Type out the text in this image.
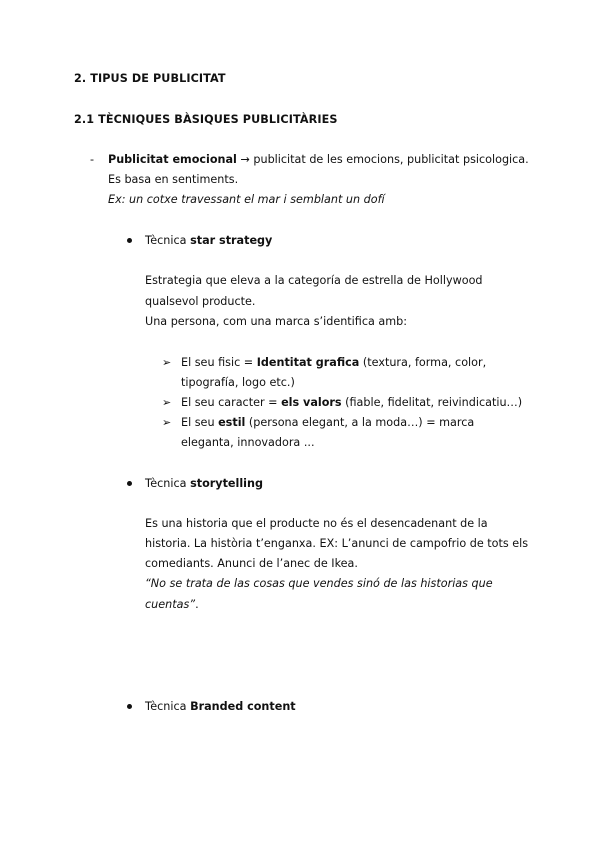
2. TIPUS DE PUBLICITAT
2.1 TÈCNIQUES BÀSIQUES PUBLICITÀRIES
- Publicitat emocional → publicitat de les emocions, publicitat psicologica.
Es basa en sentiments.
Ex: un cotxe travessant el mar i semblant un dofí
Tècnica star strategy
Estrategia que eleva a la categoría de estrella de Hollywood
qualsevol producte.
Una persona, com una marca s’identifica amb:
➢ El seu fisic = Identitat grafica (textura, forma, color,
tipografía, logo etc.)
➢ El seu caracter = els valors (fiable, fidelitat, reivindicatiu…)
➢ El seu estil (persona elegant, a la moda…) = marca
eleganta, innovadora ...
Tècnica storytelling
Es una historia que el producte no és el desencadenant de la
historia. La història t’enganxa. EX: L’anunci de campofrio de tots els
comediants. Anunci de l’anec de Ikea.
“No se trata de las cosas que vendes sinó de las historias que
cuentas”.
Tècnica Branded content
